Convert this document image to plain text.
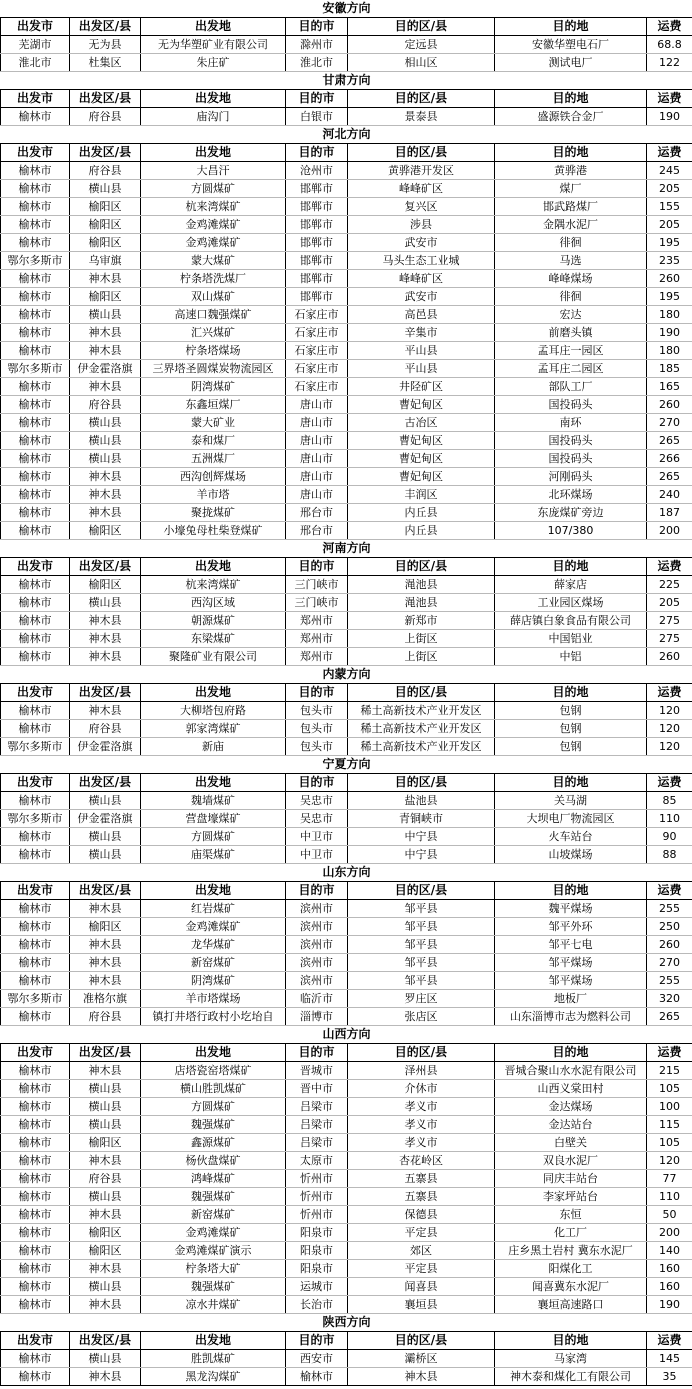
安徽方向						
出发市	出发区/县	出发地	目的市	目的区/县	目的地	运费
芜湖市	无为县	无为华塑矿业有限公司	滁州市	定远县	安徽华塑电石厂	68.8
淮北市	杜集区	朱庄矿	淮北市	相山区	测试电厂	122
甘肃方向						
出发市	出发区/县	出发地	目的市	目的区/县	目的地	运费
榆林市	府谷县	庙沟门	白银市	景泰县	盛源铁合金厂	190
河北方向						
出发市	出发区/县	出发地	目的市	目的区/县	目的地	运费
榆林市	府谷县	大昌汗	沧州市	黄骅港开发区	黄骅港	245
榆林市	横山县	方圆煤矿	邯郸市	峰峰矿区	煤厂	205
榆林市	榆阳区	杭来湾煤矿	邯郸市	复兴区	邯武路煤厂	155
榆林市	榆阳区	金鸡滩煤矿	邯郸市	涉县	金隅水泥厂	205
榆林市	榆阳区	金鸡滩煤矿	邯郸市	武安市	徘徊	195
鄂尔多斯市	乌审旗	蒙大煤矿	邯郸市	马头生态工业城	马选	235
榆林市	神木县	柠条塔洗煤厂	邯郸市	峰峰矿区	峰峰煤场	260
榆林市	榆阳区	双山煤矿	邯郸市	武安市	徘徊	195
榆林市	横山县	高速口魏强煤矿	石家庄市	高邑县	宏达	180
榆林市	神木县	汇兴煤矿	石家庄市	辛集市	前磨头镇	190
榆林市	神木县	柠条塔煤场	石家庄市	平山县	孟耳庄一园区	180
鄂尔多斯市	伊金霍洛旗	三界塔圣圆煤炭物流园区	石家庄市	平山县	孟耳庄二园区	185
榆林市	神木县	阴湾煤矿	石家庄市	井陉矿区	部队工厂	165
榆林市	府谷县	东鑫垣煤厂	唐山市	曹妃甸区	国投码头	260
榆林市	横山县	蒙大矿业	唐山市	古冶区	南环	270
榆林市	横山县	泰和煤厂	唐山市	曹妃甸区	国投码头	265
榆林市	横山县	五洲煤厂	唐山市	曹妃甸区	国投码头	266
榆林市	神木县	西沟创辉煤场	唐山市	曹妃甸区	河刚码头	265
榆林市	神木县	羊市塔	唐山市	丰润区	北环煤场	240
榆林市	神木县	聚拢煤矿	邢台市	内丘县	东庞煤矿旁边	187
榆林市	榆阳区	小壕兔母杜柴登煤矿	邢台市	内丘县	107/380	200
河南方向						
出发市	出发区/县	出发地	目的市	目的区/县	目的地	运费
榆林市	榆阳区	杭来湾煤矿	三门峡市	渑池县	薛家店	225
榆林市	横山县	西沟区域	三门峡市	渑池县	工业园区煤场	205
榆林市	神木县	朝源煤矿	郑州市	新郑市	薛店镇白象食品有限公司	275
榆林市	神木县	东梁煤矿	郑州市	上街区	中国铝业	275
榆林市	神木县	聚隆矿业有限公司	郑州市	上街区	中铝	260
内蒙方向						
出发市	出发区/县	出发地	目的市	目的区/县	目的地	运费
榆林市	神木县	大柳塔包府路	包头市	稀土高新技术产业开发区	包钢	120
榆林市	府谷县	郭家湾煤矿	包头市	稀土高新技术产业开发区	包钢	120
鄂尔多斯市	伊金霍洛旗	新庙	包头市	稀土高新技术产业开发区	包钢	120
宁夏方向						
出发市	出发区/县	出发地	目的市	目的区/县	目的地	运费
榆林市	横山县	魏墙煤矿	吴忠市	盐池县	关马湖	85
鄂尔多斯市	伊金霍洛旗	营盘壕煤矿	吴忠市	青铜峡市	大坝电厂物流园区	110
榆林市	横山县	方圆煤矿	中卫市	中宁县	火车站台	90
榆林市	横山县	庙渠煤矿	中卫市	中宁县	山坡煤场	88
山东方向						
出发市	出发区/县	出发地	目的市	目的区/县	目的地	运费
榆林市	神木县	红岩煤矿	滨州市	邹平县	魏平煤场	255
榆林市	榆阳区	金鸡滩煤矿	滨州市	邹平县	邹平外环	250
榆林市	神木县	龙华煤矿	滨州市	邹平县	邹平七电	260
榆林市	神木县	新窑煤矿	滨州市	邹平县	邹平煤场	270
榆林市	神木县	阴湾煤矿	滨州市	邹平县	邹平煤场	255
鄂尔多斯市	准格尔旗	羊市塔煤场	临沂市	罗庄区	地板厂	320
榆林市	府谷县	镇打井塔行政村小圪坮自	淄博市	张店区	山东淄博市志为燃料公司	265
山西方向						
出发市	出发区/县	出发地	目的市	目的区/县	目的地	运费
榆林市	神木县	店塔瓷窑塔煤矿	晋城市	泽州县	晋城合聚山水水泥有限公司	215
榆林市	横山县	横山胜凯煤矿	晋中市	介休市	山西义棠田村	105
榆林市	横山县	方圆煤矿	吕梁市	孝义市	金达煤场	100
榆林市	横山县	魏强煤矿	吕梁市	孝义市	金达站台	115
榆林市	榆阳区	鑫源煤矿	吕梁市	孝义市	白壁关	105
榆林市	神木县	杨伙盘煤矿	太原市	杏花岭区	双良水泥厂	120
榆林市	府谷县	鸿峰煤矿	忻州市	五寨县	同庆丰站台	77
榆林市	横山县	魏强煤矿	忻州市	五寨县	李家坪站台	110
榆林市	神木县	新窑煤矿	忻州市	保德县	东恒	50
榆林市	榆阳区	金鸡滩煤矿	阳泉市	平定县	化工厂	200
榆林市	榆阳区	金鸡滩煤矿演示	阳泉市	郊区	庄乡黑土岩村 冀东水泥厂	140
榆林市	神木县	柠条塔大矿	阳泉市	平定县	阳煤化工	160
榆林市	横山县	魏强煤矿	运城市	闻喜县	闻喜冀东水泥厂	160
榆林市	神木县	凉水井煤矿	长治市	襄垣县	襄垣高速路口	190
陕西方向						
出发市	出发区/县	出发地	目的市	目的区/县	目的地	运费
榆林市	横山县	胜凯煤矿	西安市	灞桥区	马家湾	145
榆林市	神木县	黑龙沟煤矿	榆林市	神木县	神木泰和煤化工有限公司	35
